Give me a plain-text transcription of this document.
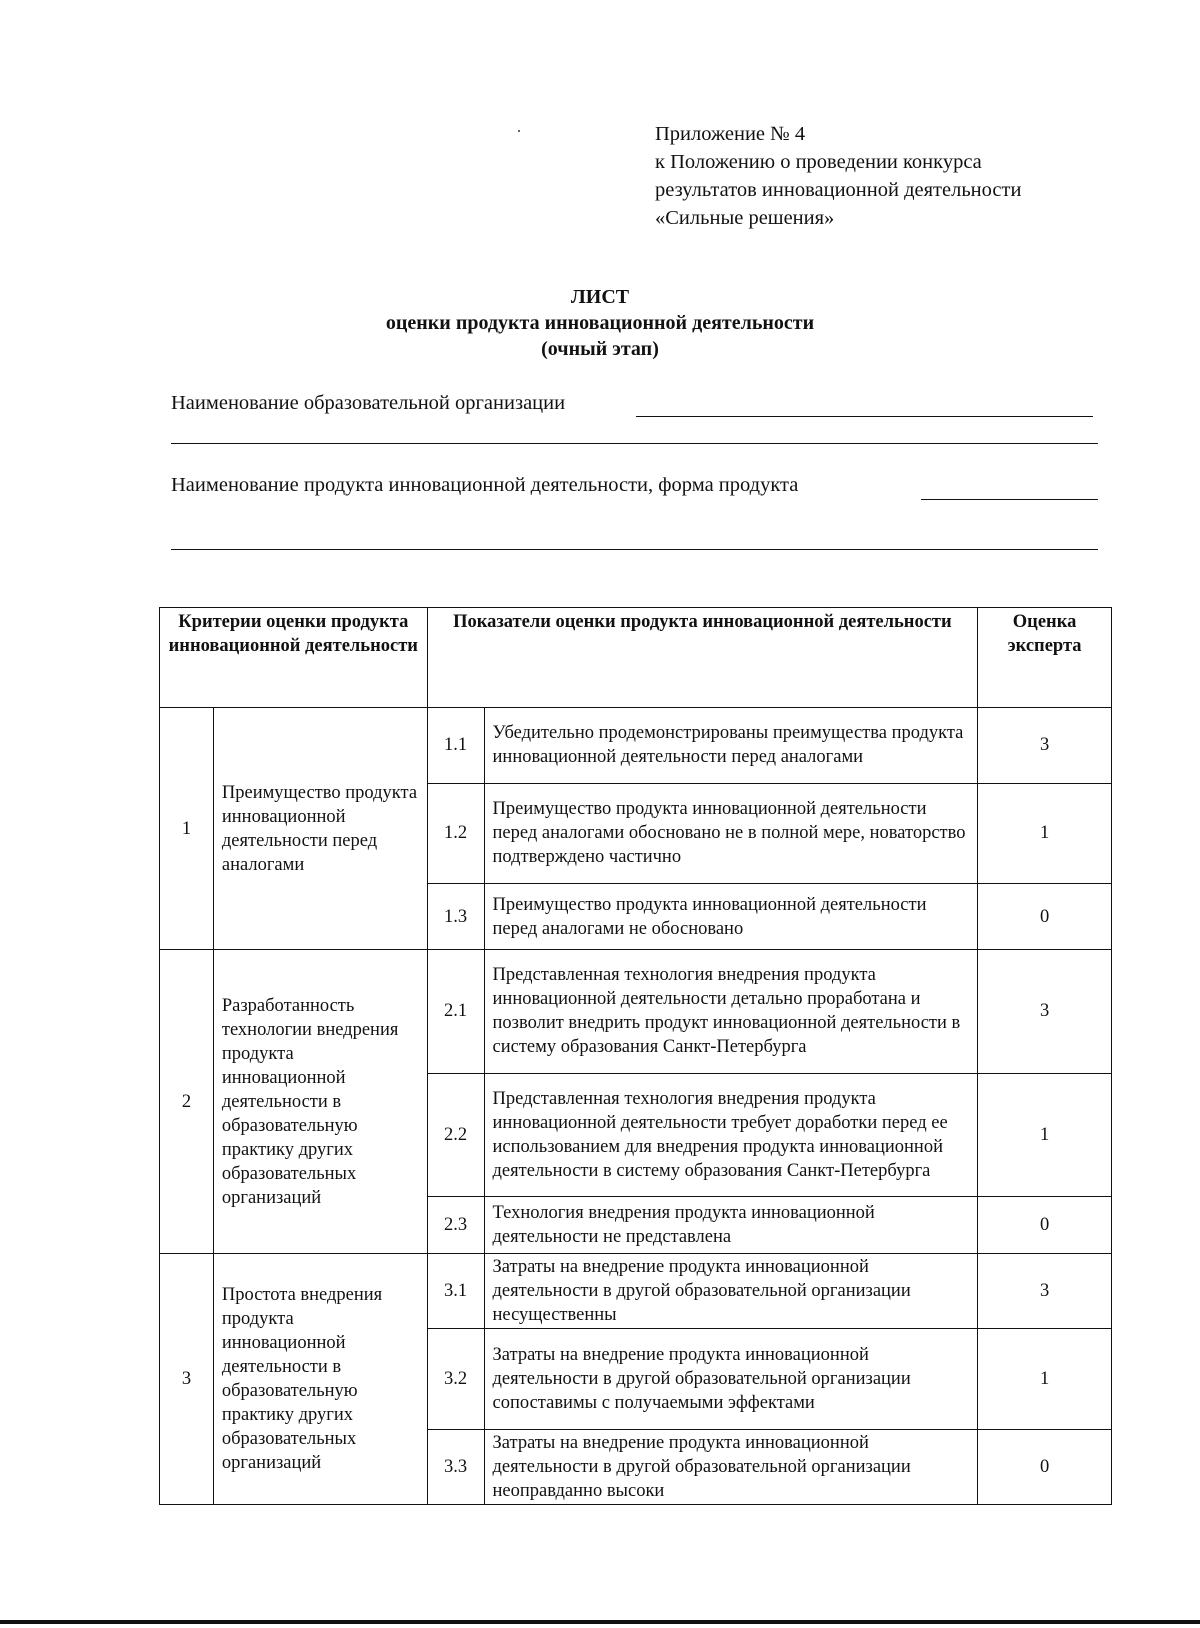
Приложение № 4
к Положению о проведении конкурса
результатов инновационной деятельности
«Сильные решения»
ЛИСТ
оценки продукта инновационной деятельности
(очный этап)
Наименование образовательной организации
Наименование продукта инновационной деятельности, форма продукта
Критерии оценки продукта инновационной деятельности		Показатели оценки продукта инновационной деятельности		Оценка эксперта
1	Преимущество продукта инновационной деятельности перед аналогами	1.1	Убедительно продемонстрированы преимущества продукта инновационной деятельности перед аналогами	3
		1.2	Преимущество продукта инновационной деятельности перед аналогами обосновано не в полной мере, новаторство подтверждено частично	1
		1.3	Преимущество продукта инновационной деятельности перед аналогами не обосновано	0
2	Разработанность технологии внедрения продукта инновационной деятельности в образовательную практику других образовательных организаций	2.1	Представленная технология внедрения продукта инновационной деятельности детально проработана и позволит внедрить продукт инновационной деятельности в систему образования Санкт-Петербурга	3
		2.2	Представленная технология внедрения продукта инновационной деятельности требует доработки перед ее использованием для внедрения продукта инновационной деятельности в систему образования Санкт-Петербурга	1
		2.3	Технология внедрения продукта инновационной деятельности не представлена	0
3	Простота внедрения продукта инновационной деятельности в образовательную практику других образовательных организаций	3.1	Затраты на внедрение продукта инновационной деятельности в другой образовательной организации несущественны	3
		3.2	Затраты на внедрение продукта инновационной деятельности в другой образовательной организации сопоставимы с получаемыми эффектами	1
		3.3	Затраты на внедрение продукта инновационной деятельности в другой образовательной организации неоправданно высоки	0
